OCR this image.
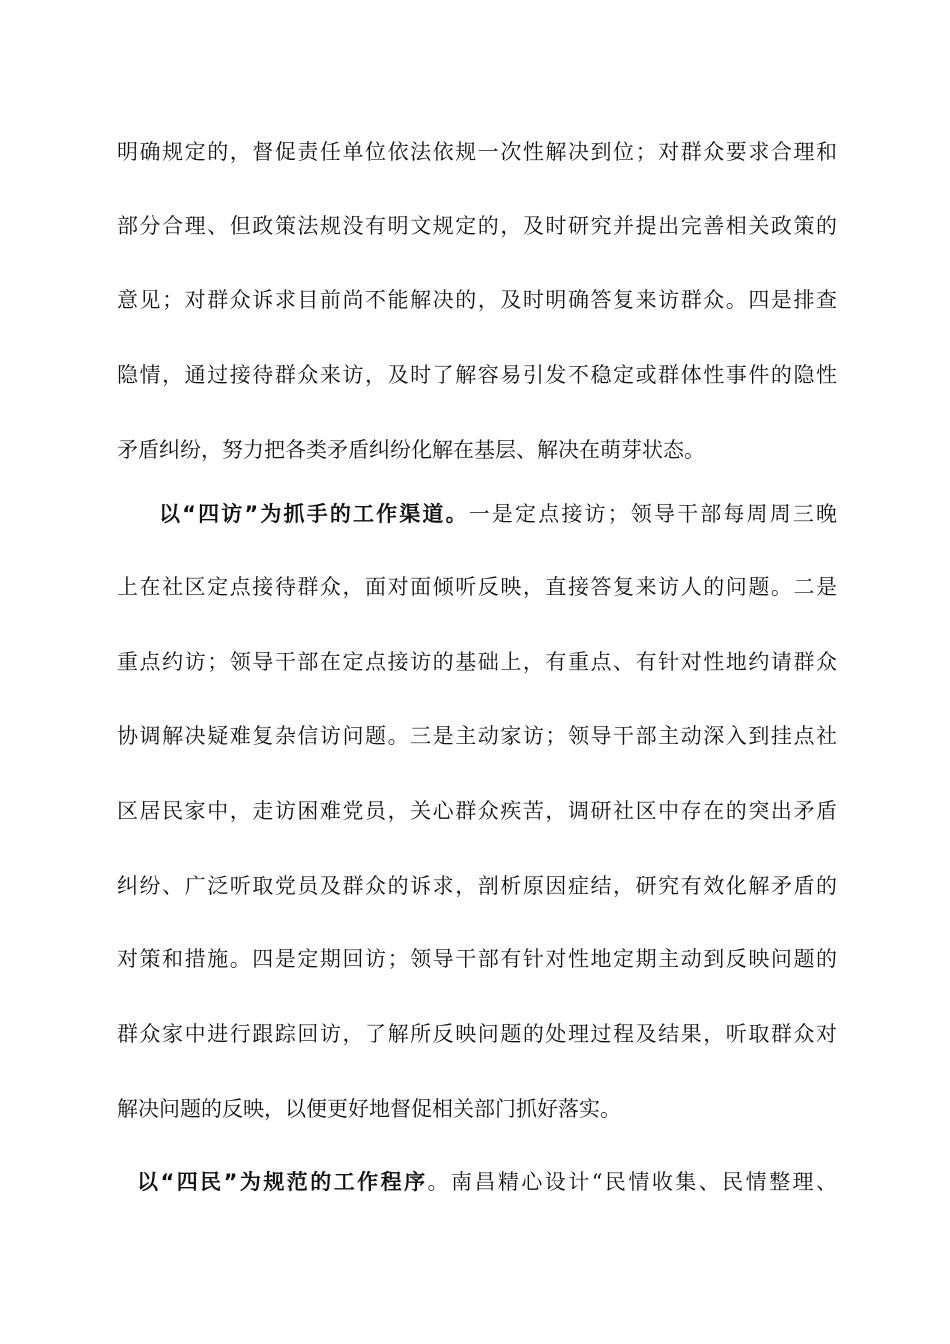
明确规定的，督促责任单位依法依规一次性解决到位；对群众要求合理和
部分合理、但政策法规没有明文规定的，及时研究并提出完善相关政策的
意见；对群众诉求目前尚不能解决的，及时明确答复来访群众。四是排查
隐情，通过接待群众来访，及时了解容易引发不稳定或群体性事件的隐性
矛盾纠纷，努力把各类矛盾纠纷化解在基层、解决在萌芽状态。
以“四访”为抓手的工作渠道。一是定点接访；领导干部每周周三晚
上在社区定点接待群众，面对面倾听反映，直接答复来访人的问题。二是
重点约访；领导干部在定点接访的基础上，有重点、有针对性地约请群众
协调解决疑难复杂信访问题。三是主动家访；领导干部主动深入到挂点社
区居民家中，走访困难党员，关心群众疾苦，调研社区中存在的突出矛盾
纠纷、广泛听取党员及群众的诉求，剖析原因症结，研究有效化解矛盾的
对策和措施。四是定期回访；领导干部有针对性地定期主动到反映问题的
群众家中进行跟踪回访，了解所反映问题的处理过程及结果，听取群众对
解决问题的反映，以便更好地督促相关部门抓好落实。
以“四民”为规范的工作程序。南昌精心设计“民情收集、民情整理、
